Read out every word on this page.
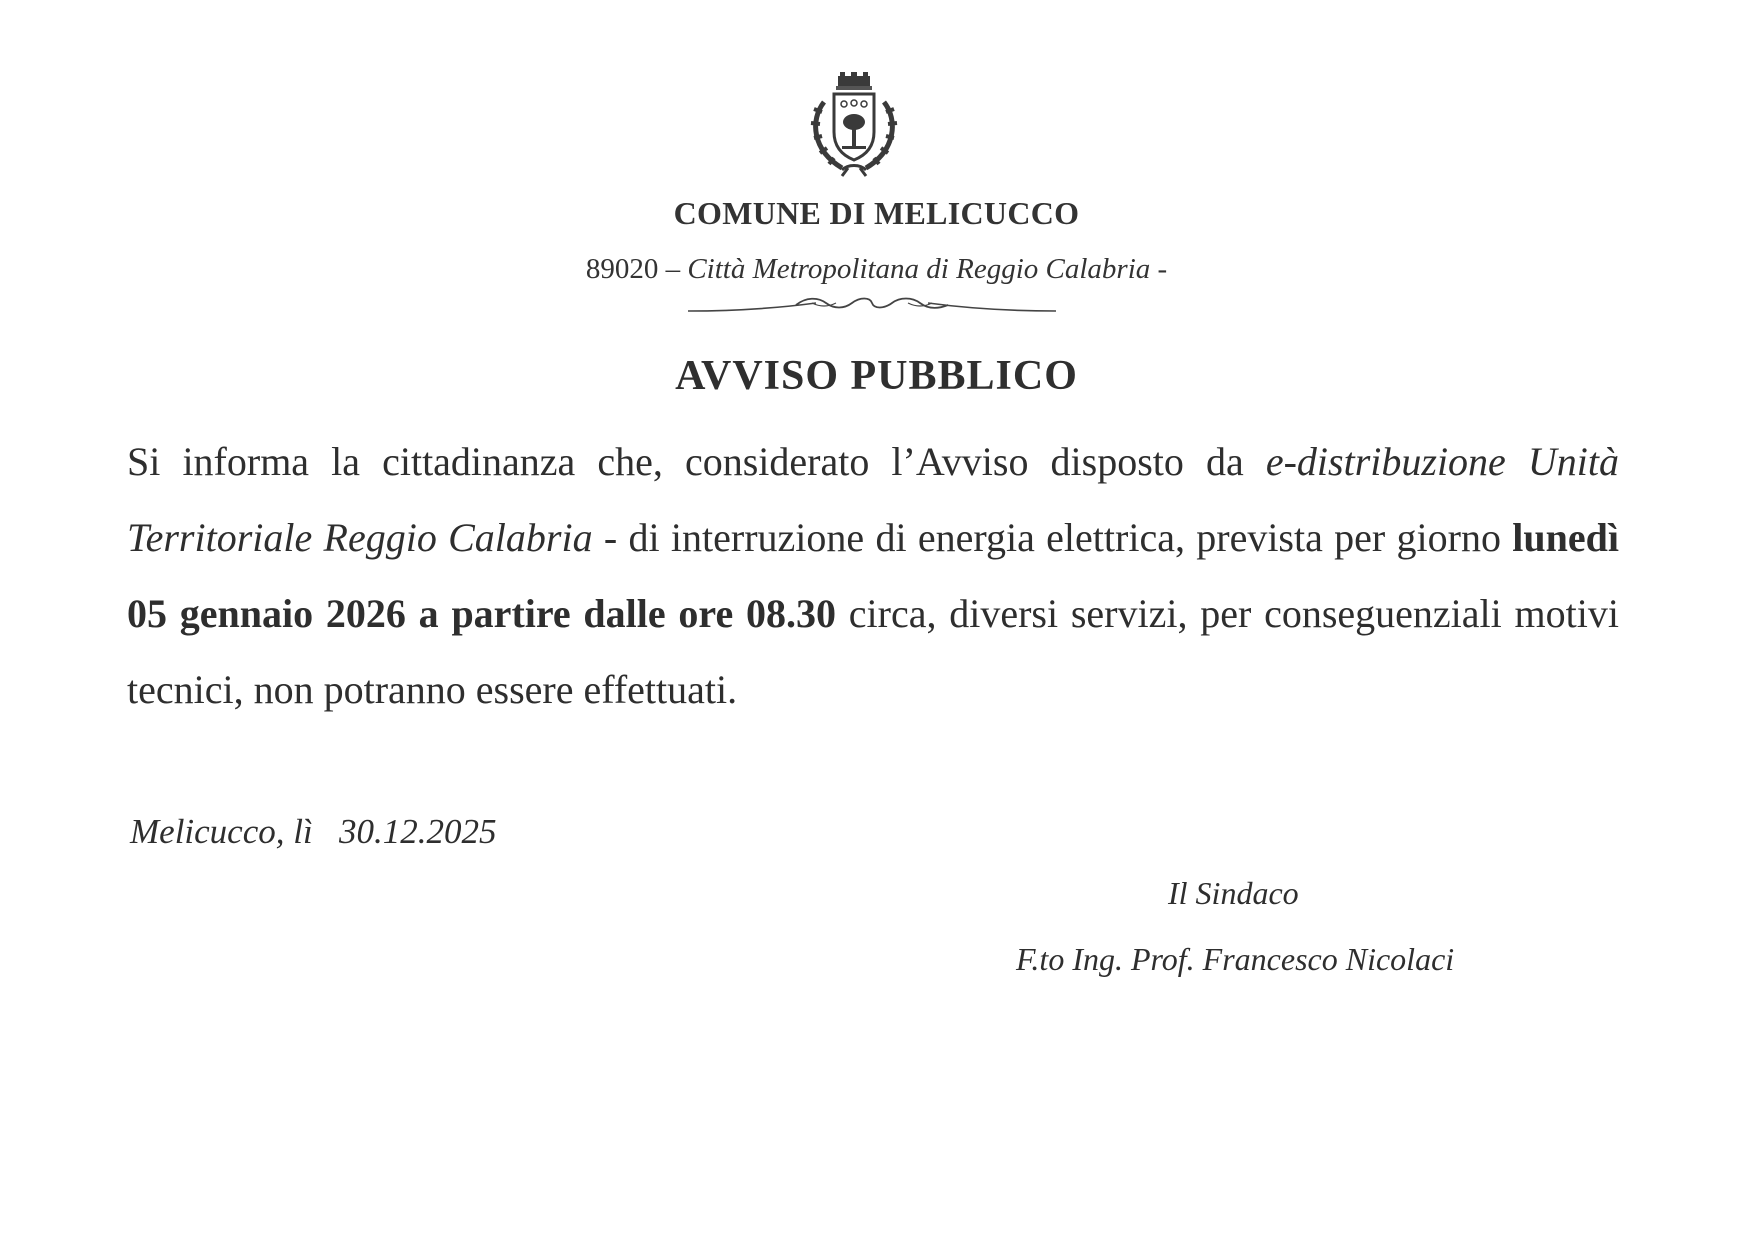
COMUNE DI MELICUCCO
89020 – Città Metropolitana di Reggio Calabria -
AVVISO PUBBLICO
Si informa la cittadinanza che, considerato l’Avviso disposto da e-distribuzione Unità Territoriale Reggio Calabria - di interruzione di energia elettrica, prevista per giorno lunedì 05 gennaio 2026 a partire dalle ore 08.30 circa, diversi servizi, per conseguenziali motivi tecnici, non potranno essere effettuati.
Melicucco, lì   30.12.2025
Il Sindaco
F.to Ing. Prof. Francesco Nicolaci
